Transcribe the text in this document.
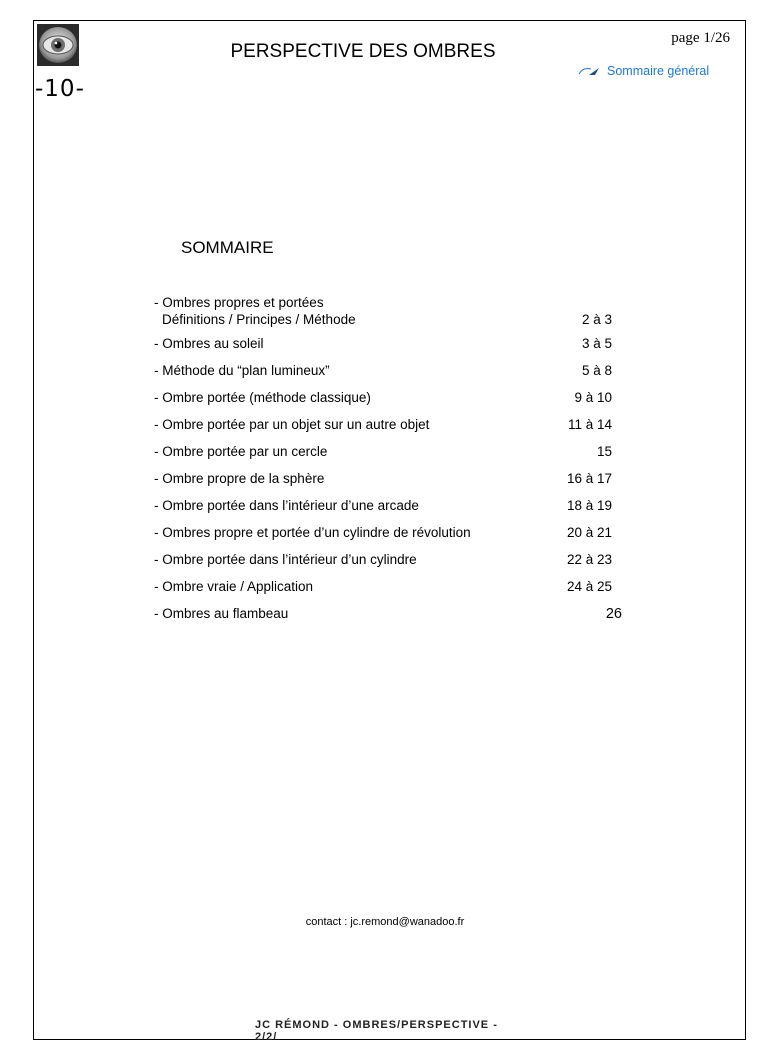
-10-
PERSPECTIVE DES OMBRES
page 1/26
Sommaire général
SOMMAIRE
- Ombres propres et portées
Définitions / Principes / Méthode	2 à 3
- Ombres au soleil	3 à 5
- Méthode du “plan lumineux”	5 à 8
- Ombre portée (méthode classique)	9 à 10
- Ombre portée par un objet sur un autre objet	11 à 14
- Ombre portée par un cercle	15
- Ombre propre de la sphère	16 à 17
- Ombre portée dans l’intérieur d’une arcade	18 à 19
- Ombres propre et portée d’un cylindre de révolution	20 à 21
- Ombre portée dans l’intérieur d’un cylindre	22 à 23
- Ombre vraie / Application	24 à 25
- Ombres au flambeau	26
contact : jc.remond@wanadoo.fr
JC RÉMOND - OMBRES/PERSPECTIVE - 2/2/
